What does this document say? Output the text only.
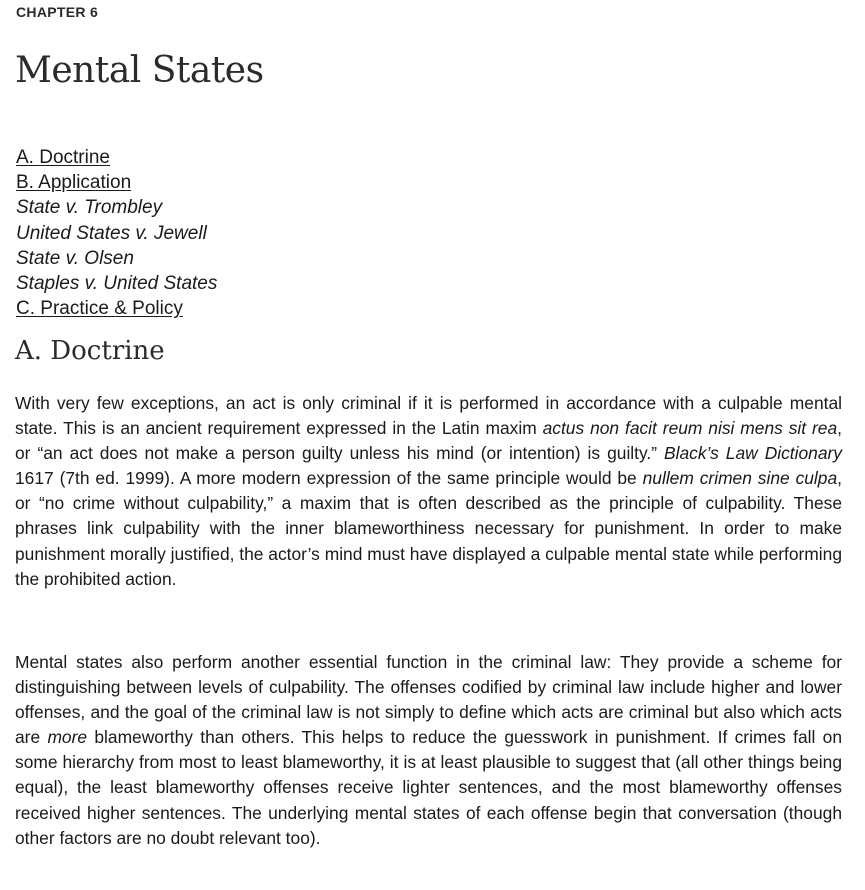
CHAPTER 6
Mental States
A. Doctrine
B. Application
State v. Trombley
United States v. Jewell
State v. Olsen
Staples v. United States
C. Practice & Policy
A. Doctrine

With very few exceptions, an act is only criminal if it is performed in accordance with a culpable mental state. This is an ancient requirement expressed in the Latin maxim actus non facit reum nisi mens sit rea, or “an act does not make a person guilty unless his mind (or intention) is guilty.” Black’s Law Dictionary 1617 (7th ed. 1999). A more modern expression of the same principle would be nullem crimen sine culpa, or “no crime without culpability,” a maxim that is often described as the principle of culpability. These phrases link culpability with the inner blameworthiness necessary for punishment. In order to make punishment morally justified, the actor’s mind must have displayed a culpable mental state while performing the prohibited action.

Mental states also perform another essential function in the criminal law: They provide a scheme for distinguishing between levels of culpability. The offenses codified by criminal law include higher and lower offenses, and the goal of the criminal law is not simply to define which acts are criminal but also which acts are more blameworthy than others. This helps to reduce the guesswork in punishment. If crimes fall on some hierarchy from most to least blameworthy, it is at least plausible to suggest that (all other things being equal), the least blameworthy offenses receive lighter sentences, and the most blameworthy offenses received higher sentences. The underlying mental states of each offense begin that conversation (though other factors are no doubt relevant too).
